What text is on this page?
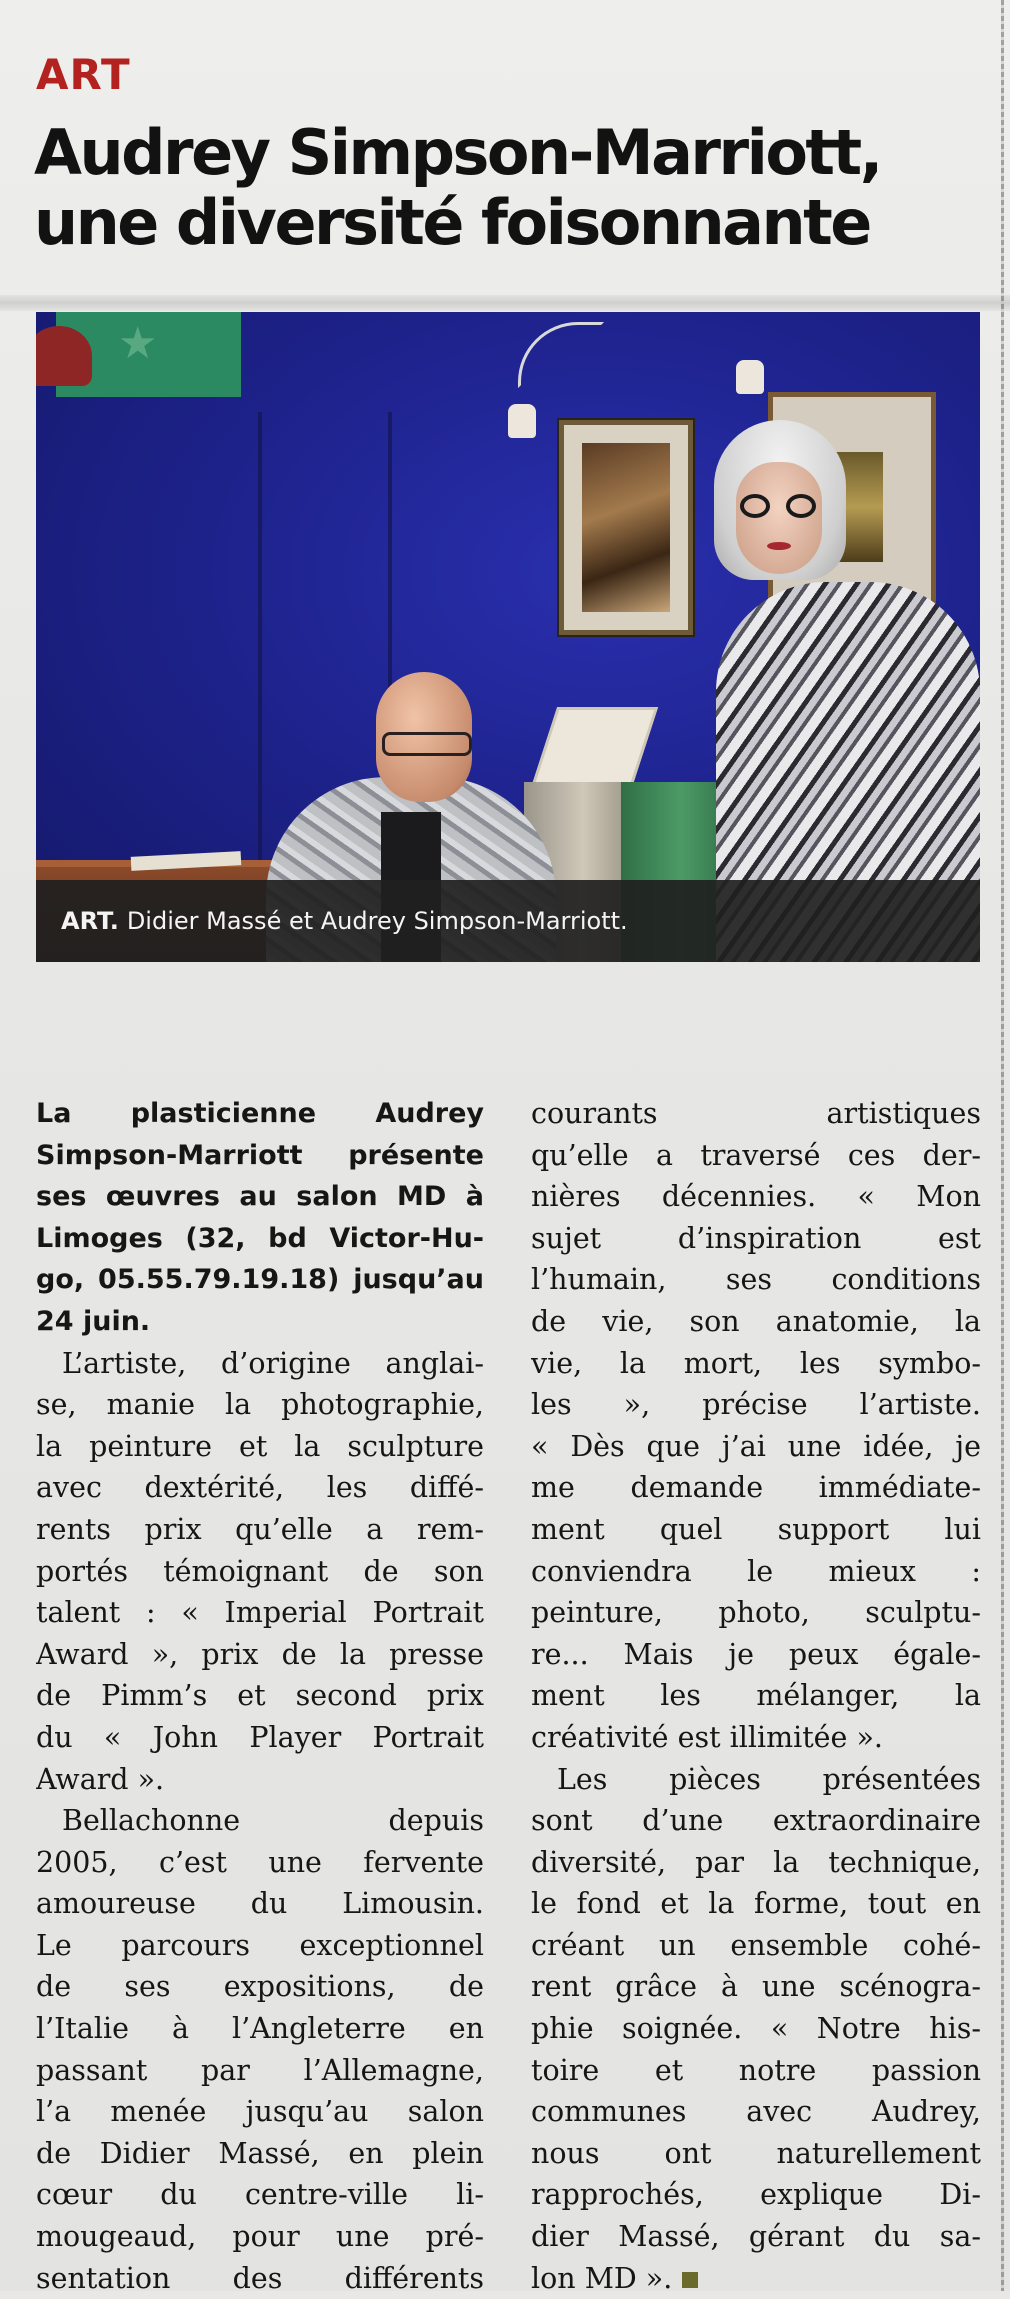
ART
Audrey Simpson-Marriott,
une diversité foisonnante
★
ART. Didier Massé et Audrey Simpson-Marriott.
La plasticienne Audrey
Simpson-Marriott présente
ses œuvres au salon MD à
Limoges (32, bd Victor-Hu-
go, 05.55.79.19.18) jusqu’au
24 juin.
L’artiste, d’origine anglai-
se, manie la photographie,
la peinture et la sculpture
avec dextérité, les diffé-
rents prix qu’elle a rem-
portés témoignant de son
talent : « Imperial Portrait
Award », prix de la presse
de Pimm’s et second prix
du « John Player Portrait
Award ».
Bellachonne depuis
2005, c’est une fervente
amoureuse du Limousin.
Le parcours exceptionnel
de ses expositions, de
l’Italie à l’Angleterre en
passant par l’Allemagne,
l’a menée jusqu’au salon
de Didier Massé, en plein
cœur du centre-ville li-
mougeaud, pour une pré-
sentation des différents
courants artistiques
qu’elle a traversé ces der-
nières décennies. « Mon
sujet d’inspiration est
l’humain, ses conditions
de vie, son anatomie, la
vie, la mort, les symbo-
les », précise l’artiste.
« Dès que j’ai une idée, je
me demande immédiate-
ment quel support lui
conviendra le mieux :
peinture, photo, sculptu-
re... Mais je peux égale-
ment les mélanger, la
créativité est illimitée ».
Les pièces présentées
sont d’une extraordinaire
diversité, par la technique,
le fond et la forme, tout en
créant un ensemble cohé-
rent grâce à une scénogra-
phie soignée. « Notre his-
toire et notre passion
communes avec Audrey,
nous ont naturellement
rapprochés, explique Di-
dier Massé, gérant du sa-
lon MD ».
